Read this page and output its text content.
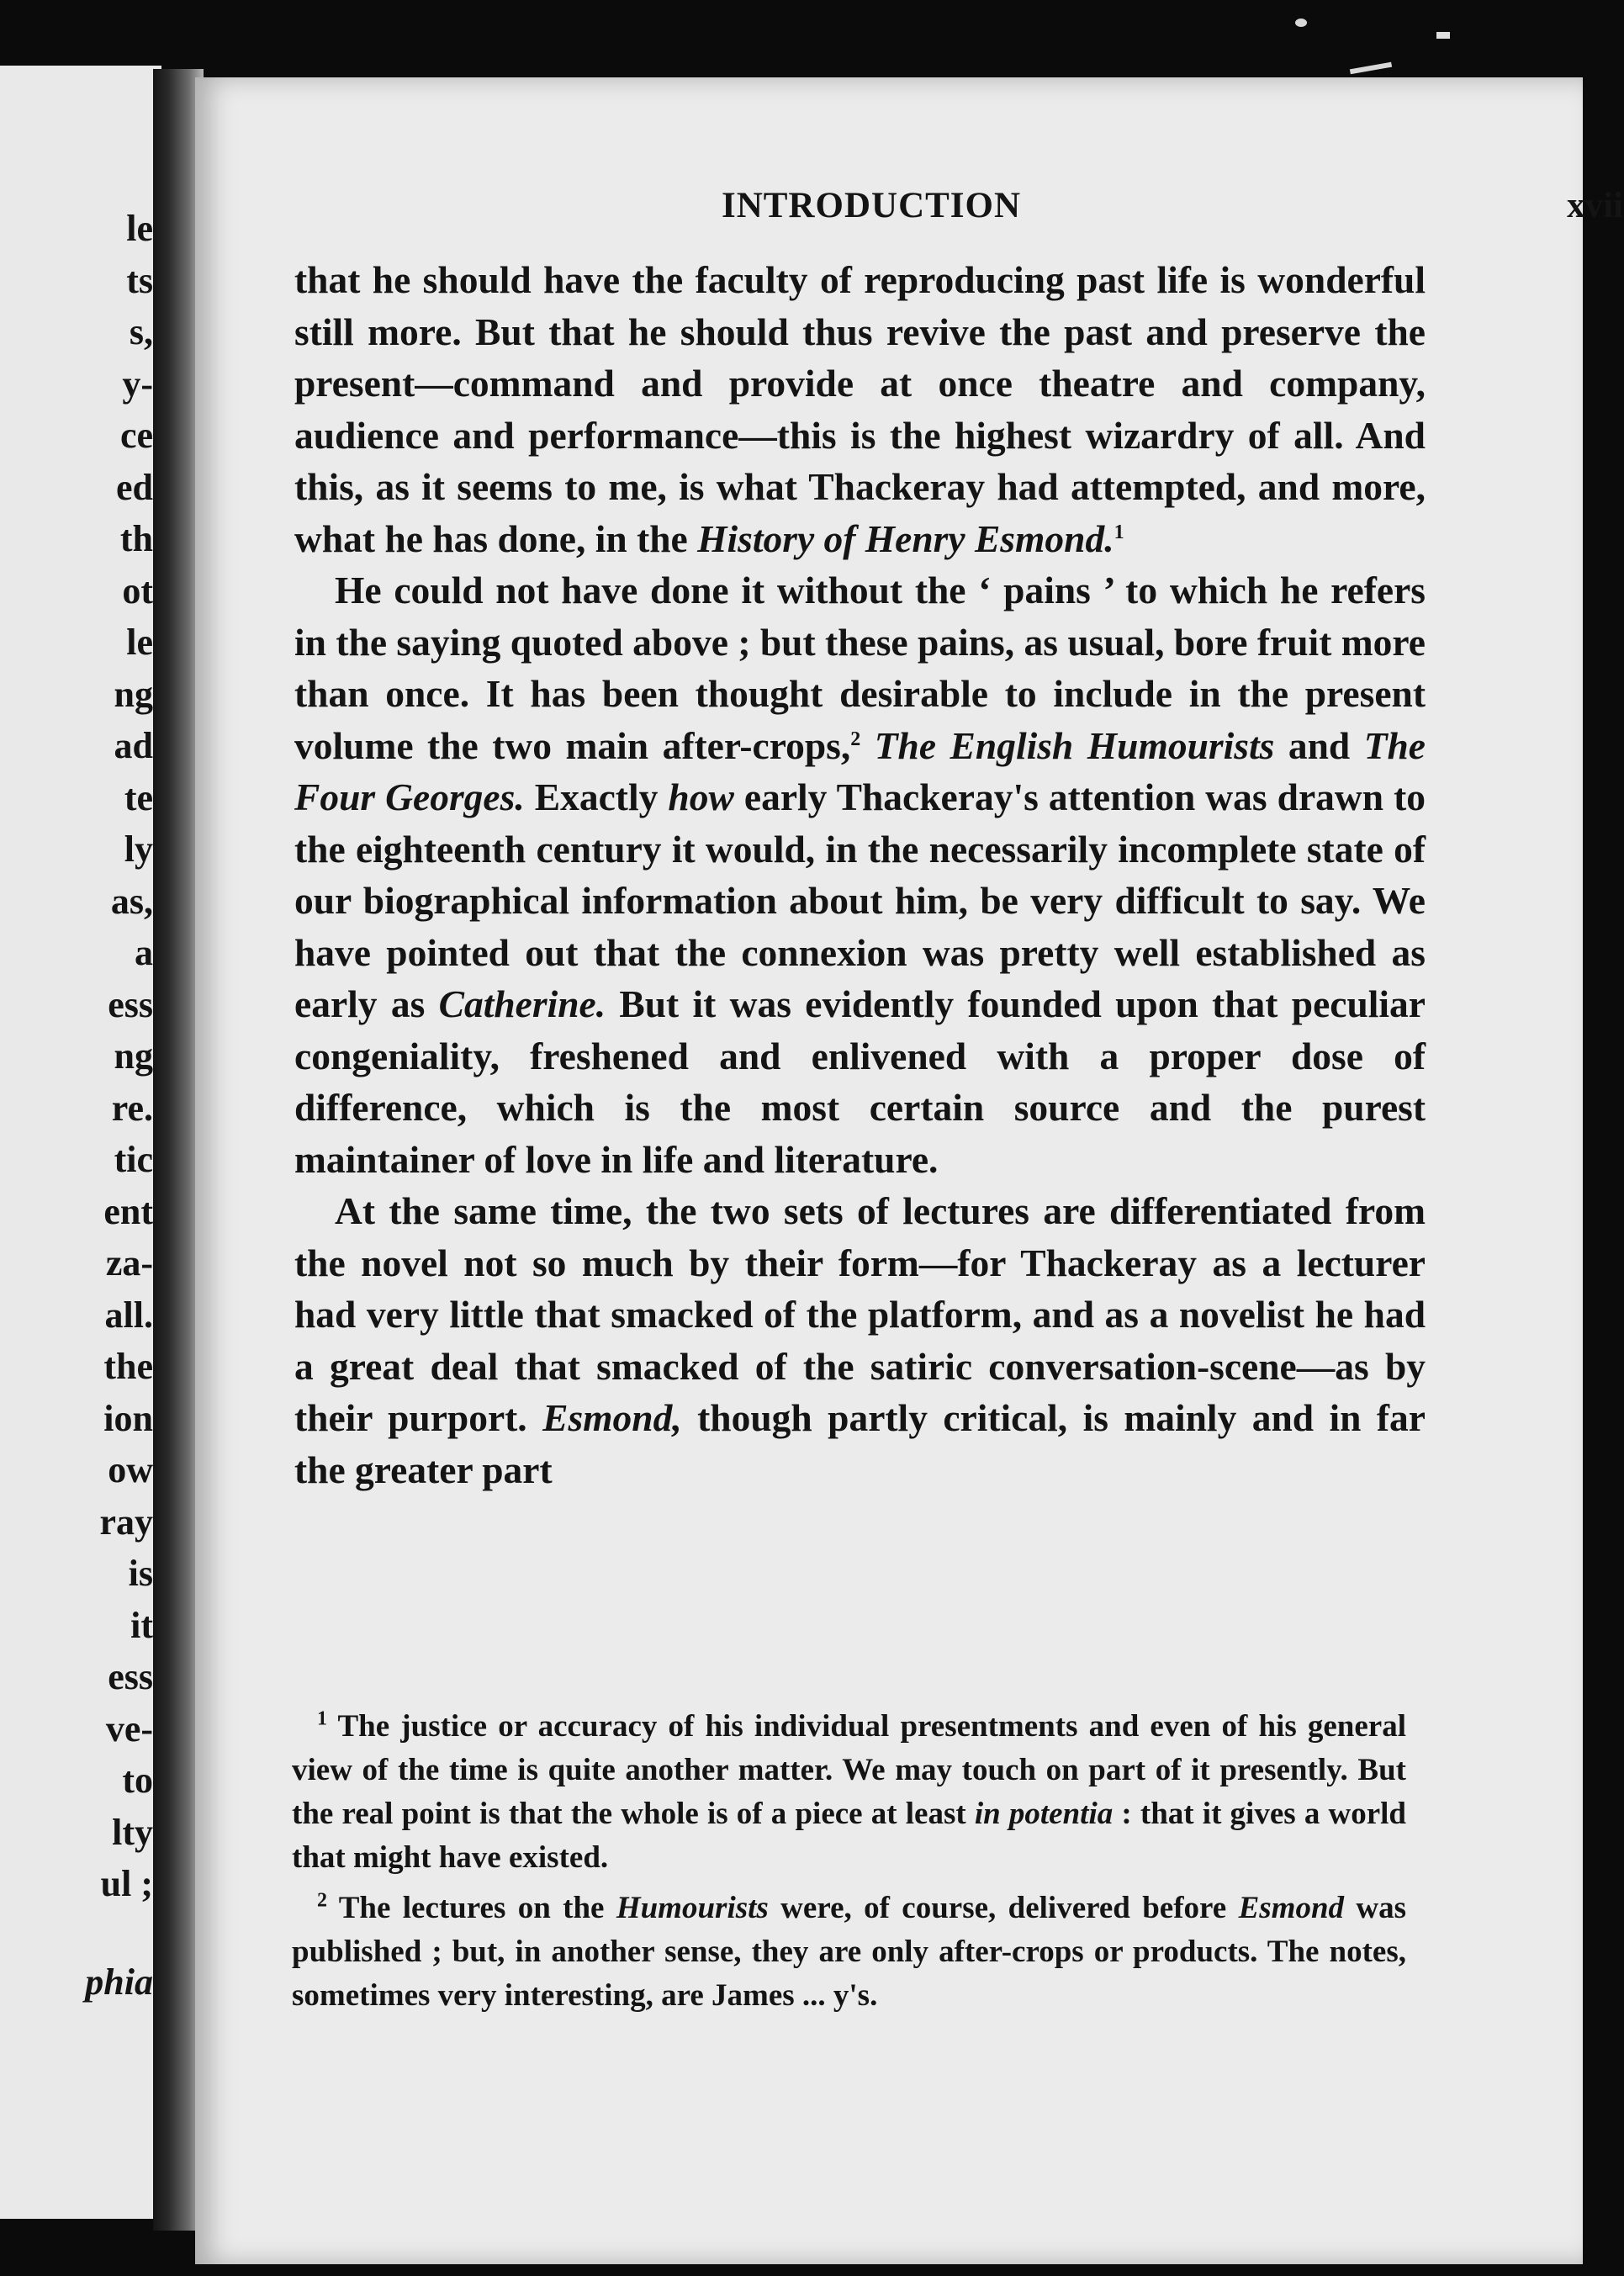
le
ts
s,
y-
ce
ed
th
ot
le
ng
ad
te
ly
as,
a
ess
ng
re.
tic
ent
za-
all.
the
ion
ow
ray
is
it
ess
ve-
to
lty
ul ;
phia
INTRODUCTION	xvii

that he should have the faculty of reproducing past life is wonderful still more. But that he should thus revive the past and preserve the present—command and provide at once theatre and company, audience and performance—this is the highest wizardry of all. And this, as it seems to me, is what Thackeray had attempted, and more, what he has done, in the History of Henry Esmond.$^1$

He could not have done it without the ‘ pains ’ to which he refers in the saying quoted above ; but these pains, as usual, bore fruit more than once. It has been thought desirable to include in the present volume the two main after-crops,$^2$ The English Humourists and The Four Georges. Exactly how early Thackeray's attention was drawn to the eighteenth century it would, in the necessarily incomplete state of our biographical information about him, be very difficult to say. We have pointed out that the connexion was pretty well established as early as Catherine. But it was evidently founded upon that peculiar congeniality, freshened and enlivened with a proper dose of difference, which is the most certain source and the purest maintainer of love in life and literature.

At the same time, the two sets of lectures are differentiated from the novel not so much by their form—for Thackeray as a lecturer had very little that smacked of the platform, and as a novelist he had a great deal that smacked of the satiric conversation-scene—as by their purport. Esmond, though partly critical, is mainly and in far the greater part

$^1$ The justice or accuracy of his individual presentments and even of his general view of the time is quite another matter. We may touch on part of it presently. But the real point is that the whole is of a piece at least in potentia : that it gives a world that might have existed.

$^2$ The lectures on the Humourists were, of course, delivered before Esmond was published ; but, in another sense, they are only after-crops or products. The notes, sometimes very interesting, are James ... y's.
